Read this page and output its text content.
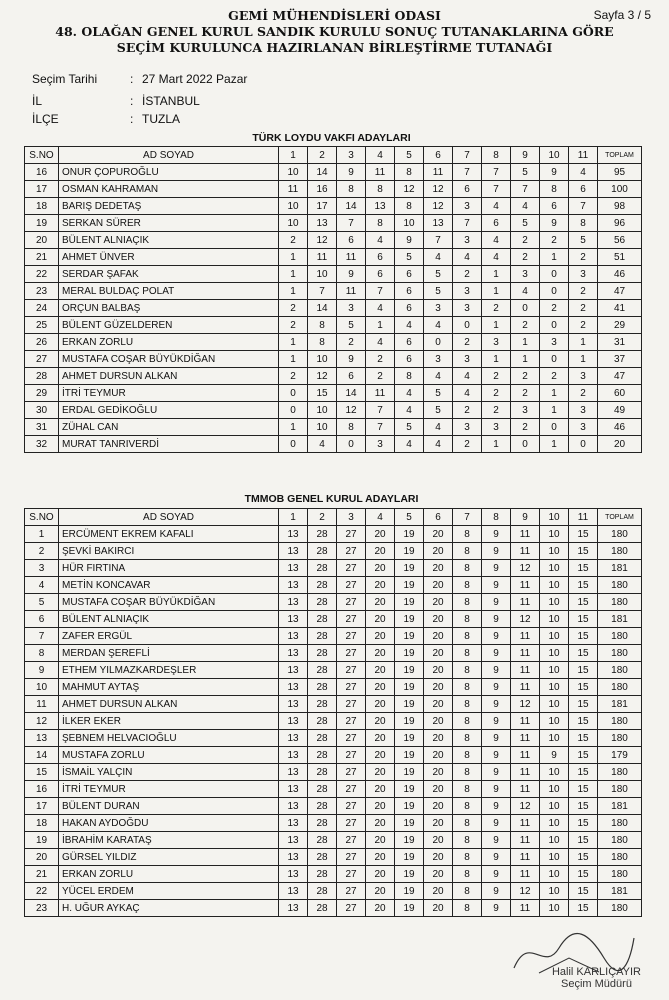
Sayfa 3 / 5
GEMİ MÜHENDİSLERİ ODASI
48. OLAĞAN GENEL KURUL SANDIK KURULU SONUÇ TUTANAKLARINA GÖRE
SEÇİM KURULUNCA HAZIRLANAN BİRLEŞTİRME TUTANAĞI
Seçim Tarihi	: 27 Mart 2022 Pazar
İL	: İSTANBUL
İLÇE	: TUZLA
TÜRK LOYDU VAKFI ADAYLARI
S.NO	AD SOYAD	1	2	3	4	5	6	7	8	9	10	11	TOPLAM
16	ONUR ÇOPUROĞLU	10	14	9	11	8	11	7	7	5	9	4	95
17	OSMAN KAHRAMAN	11	16	8	8	12	12	6	7	7	8	6	100
18	BARIŞ DEDETAŞ	10	17	14	13	8	12	3	4	4	6	7	98
19	SERKAN SÜRER	10	13	7	8	10	13	7	6	5	9	8	96
20	BÜLENT ALNIAÇIK	2	12	6	4	9	7	3	4	2	2	5	56
21	AHMET ÜNVER	1	11	11	6	5	4	4	4	2	1	2	51
22	SERDAR ŞAFAK	1	10	9	6	6	5	2	1	3	0	3	46
23	MERAL BULDAÇ POLAT	1	7	11	7	6	5	3	1	4	0	2	47
24	ORÇUN BALBAŞ	2	14	3	4	6	3	3	2	0	2	2	41
25	BÜLENT GÜZELDEREN	2	8	5	1	4	4	0	1	2	0	2	29
26	ERKAN ZORLU	1	8	2	4	6	0	2	3	1	3	1	31
27	MUSTAFA COŞAR BÜYÜKDİĞAN	1	10	9	2	6	3	3	1	1	0	1	37
28	AHMET DURSUN ALKAN	2	12	6	2	8	4	4	2	2	2	3	47
29	İTRİ TEYMUR	0	15	14	11	4	5	4	2	2	1	2	60
30	ERDAL GEDİKOĞLU	0	10	12	7	4	5	2	2	3	1	3	49
31	ZÜHAL CAN	1	10	8	7	5	4	3	3	2	0	3	46
32	MURAT TANRIVERDİ	0	4	0	3	4	4	2	1	0	1	0	20
TMMOB GENEL KURUL ADAYLARI
S.NO	AD SOYAD	1	2	3	4	5	6	7	8	9	10	11	TOPLAM
1	ERCÜMENT EKREM KAFALI	13	28	27	20	19	20	8	9	11	10	15	180
2	ŞEVKİ BAKIRCI	13	28	27	20	19	20	8	9	11	10	15	180
3	HÜR FIRTINA	13	28	27	20	19	20	8	9	12	10	15	181
4	METİN KONCAVAR	13	28	27	20	19	20	8	9	11	10	15	180
5	MUSTAFA COŞAR BÜYÜKDİĞAN	13	28	27	20	19	20	8	9	11	10	15	180
6	BÜLENT ALNIAÇIK	13	28	27	20	19	20	8	9	12	10	15	181
7	ZAFER ERGÜL	13	28	27	20	19	20	8	9	11	10	15	180
8	MERDAN ŞEREFLİ	13	28	27	20	19	20	8	9	11	10	15	180
9	ETHEM YILMAZKARDEŞLER	13	28	27	20	19	20	8	9	11	10	15	180
10	MAHMUT AYTAŞ	13	28	27	20	19	20	8	9	11	10	15	180
11	AHMET DURSUN ALKAN	13	28	27	20	19	20	8	9	12	10	15	181
12	İLKER EKER	13	28	27	20	19	20	8	9	11	10	15	180
13	ŞEBNEM HELVACIOĞLU	13	28	27	20	19	20	8	9	11	10	15	180
14	MUSTAFA ZORLU	13	28	27	20	19	20	8	9	11	9	15	179
15	İSMAİL YALÇIN	13	28	27	20	19	20	8	9	11	10	15	180
16	İTRİ TEYMUR	13	28	27	20	19	20	8	9	11	10	15	180
17	BÜLENT DURAN	13	28	27	20	19	20	8	9	12	10	15	181
18	HAKAN AYDOĞDU	13	28	27	20	19	20	8	9	11	10	15	180
19	İBRAHİM KARATAŞ	13	28	27	20	19	20	8	9	11	10	15	180
20	GÜRSEL YILDIZ	13	28	27	20	19	20	8	9	11	10	15	180
21	ERKAN ZORLU	13	28	27	20	19	20	8	9	11	10	15	180
22	YÜCEL ERDEM	13	28	27	20	19	20	8	9	12	10	15	181
23	H. UĞUR AYKAÇ	13	28	27	20	19	20	8	9	11	10	15	180
Halil KARLIÇAYIR
Seçim Müdürü
